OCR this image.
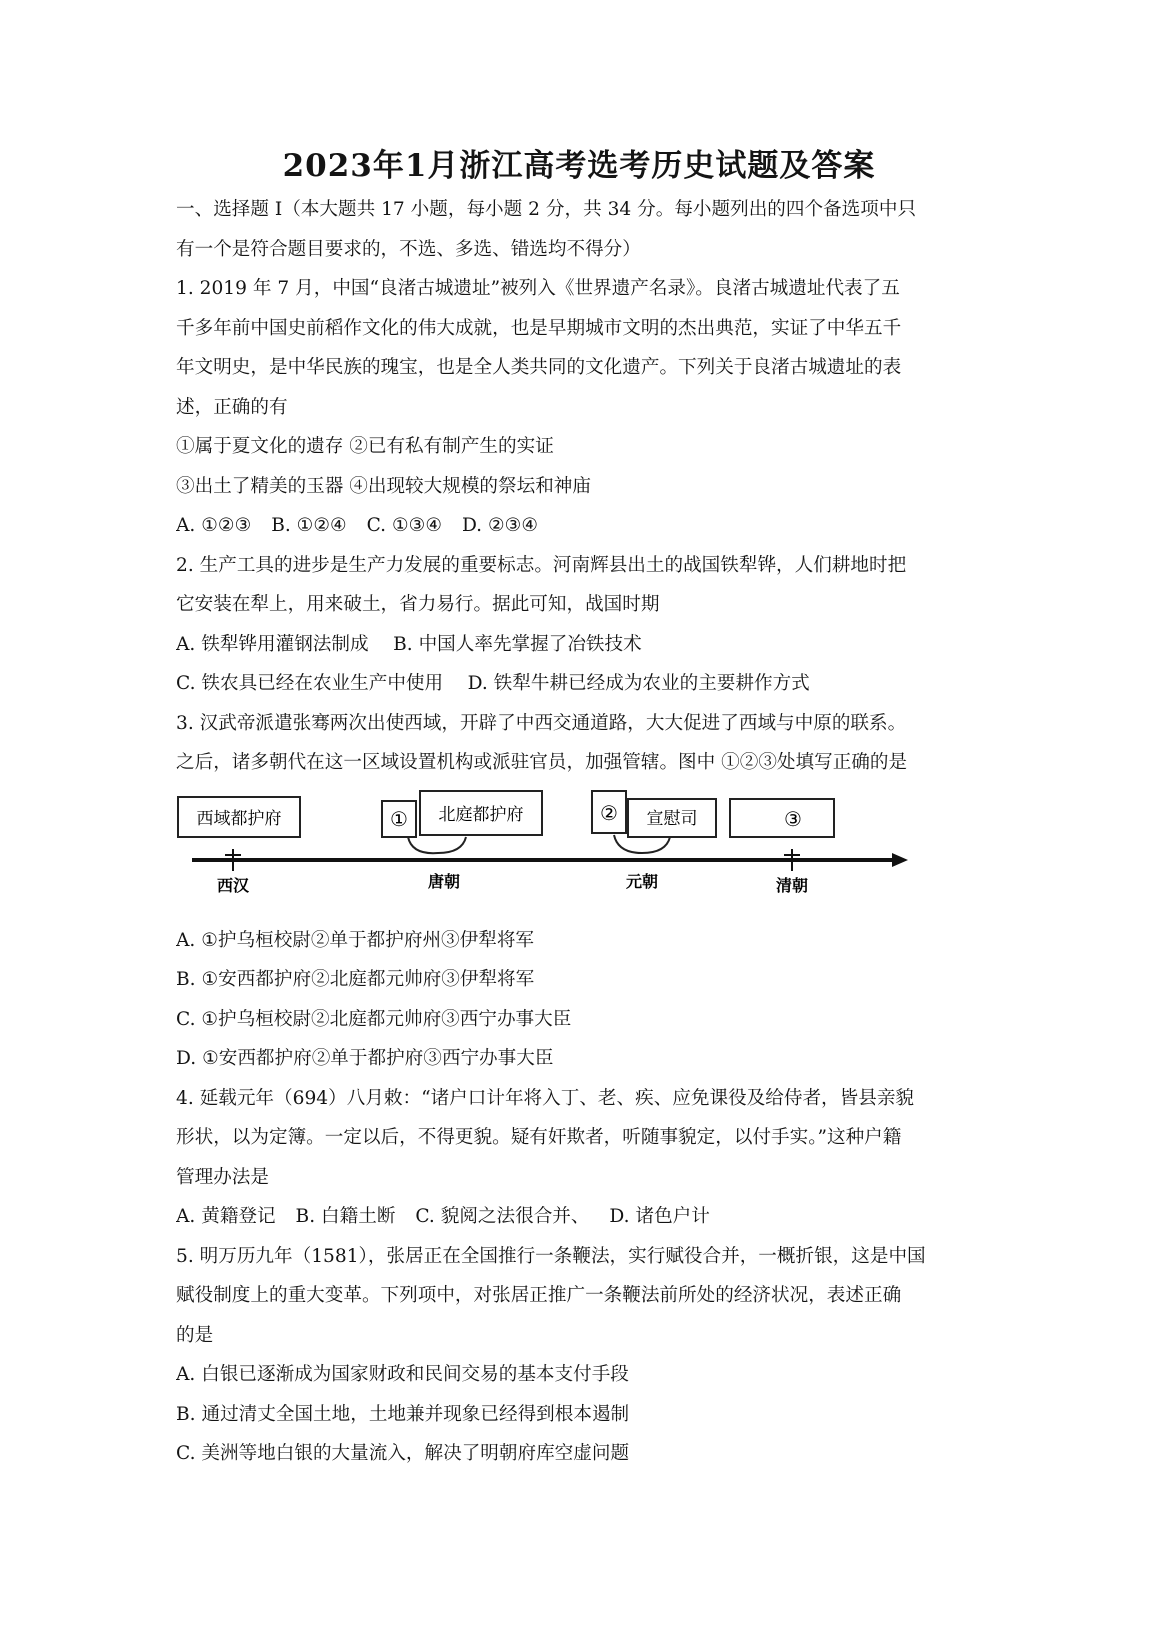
2023年1月浙江高考选考历史试题及答案
一、选择题 I（本大题共 17 小题，每小题 2 分，共 34 分。每小题列出的四个备选项中只
有一个是符合题目要求的，不选、多选、错选均不得分）
1. 2019 年 7 月，中国“良渚古城遗址”被列入《世界遗产名录》。良渚古城遗址代表了五
千多年前中国史前稻作文化的伟大成就，也是早期城市文明的杰出典范，实证了中华五千
年文明史，是中华民族的瑰宝，也是全人类共同的文化遗产。下列关于良渚古城遗址的表
述，正确的有
①属于夏文化的遗存 ②已有私有制产生的实证
③出土了精美的玉器 ④出现较大规模的祭坛和神庙
A. ①②③ B. ①②④ C. ①③④ D. ②③④
2. 生产工具的进步是生产力发展的重要标志。河南辉县出土的战国铁犁铧，人们耕地时把
它安装在犁上，用来破土，省力易行。据此可知，战国时期
A. 铁犁铧用灌钢法制成　 B. 中国人率先掌握了冶铁技术
C. 铁农具已经在农业生产中使用　 D. 铁犁牛耕已经成为农业的主要耕作方式
3. 汉武帝派遣张骞两次出使西域，开辟了中西交通道路，大大促进了西域与中原的联系。
之后，诸多朝代在这一区域设置机构或派驻官员，加强管辖。图中 ①②③处填写正确的是
西域都护府	① 北庭都护府	② 宣慰司	③
西汉	唐朝	元朝	清朝
A. ①护乌桓校尉②单于都护府州③伊犁将军
B. ①安西都护府②北庭都元帅府③伊犁将军
C. ①护乌桓校尉②北庭都元帅府③西宁办事大臣
D. ①安西都护府②单于都护府③西宁办事大臣
4. 延载元年（694）八月敕：“诸户口计年将入丁、老、疾、应免课役及给侍者，皆县亲貌
形状，以为定簿。一定以后，不得更貌。疑有奸欺者，听随事貌定，以付手实。”这种户籍
管理办法是
A. 黄籍登记 B. 白籍土断 C. 貌阅之法很合并、 D. 诸色户计
5. 明万历九年（1581），张居正在全国推行一条鞭法，实行赋役合并，一概折银，这是中国
赋役制度上的重大变革。下列项中，对张居正推广一条鞭法前所处的经济状况，表述正确
的是
A. 白银已逐渐成为国家财政和民间交易的基本支付手段
B. 通过清丈全国土地，土地兼并现象已经得到根本遏制
C. 美洲等地白银的大量流入，解决了明朝府库空虚问题
